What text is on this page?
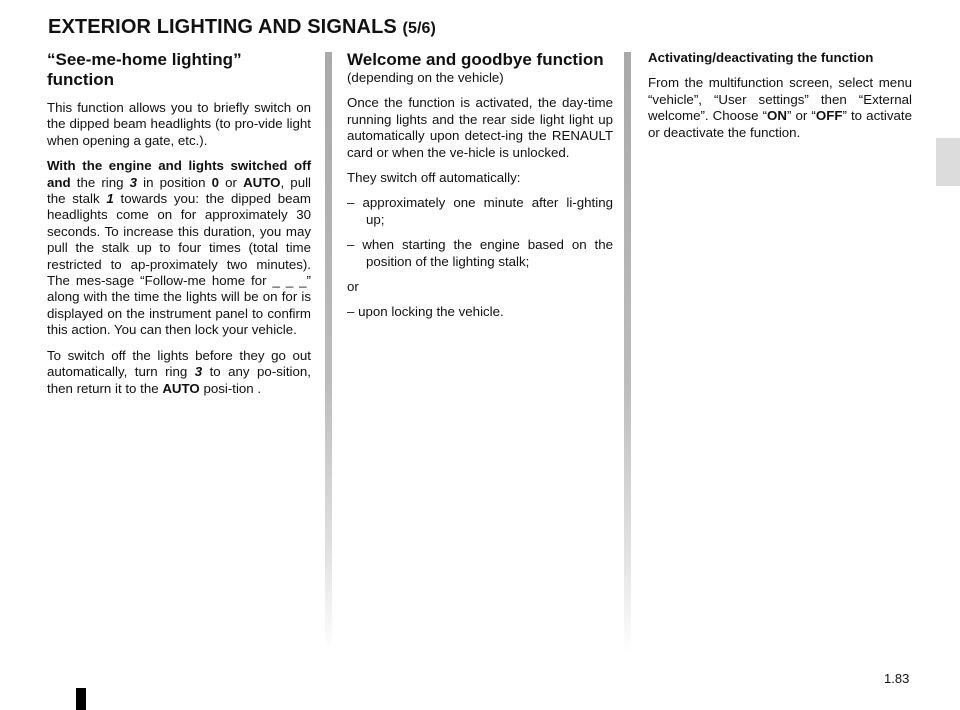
EXTERIOR LIGHTING AND SIGNALS (5/6)
“See-me-home lighting” function

This function allows you to briefly switch on the dipped beam headlights (to pro-vide light when opening a gate, etc.).

With the engine and lights switched off and the ring 3 in position 0 or AUTO, pull the stalk 1 towards you: the dipped beam headlights come on for approximately 30 seconds. To increase this duration, you may pull the stalk up to four times (total time restricted to ap-proximately two minutes). The mes-sage “Follow-me home for _ _ _” along with the time the lights will be on for is displayed on the instrument panel to confirm this action. You can then lock your vehicle.

To switch off the lights before they go out automatically, turn ring 3 to any po-sition, then return it to the AUTO posi-tion .

Welcome and goodbye function

(depending on the vehicle)

Once the function is activated, the day-time running lights and the rear side light light up automatically upon detect-ing the RENAULT card or when the ve-hicle is unlocked.

They switch off automatically:

– approximately one minute after li-ghting up;

– when starting the engine based on the position of the lighting stalk;

or

– upon locking the vehicle.

Activating/deactivating the function

From the multifunction screen, select menu “vehicle”, “User settings” then “External welcome”. Choose “ON” or “OFF” to activate or deactivate the function.

1.83
